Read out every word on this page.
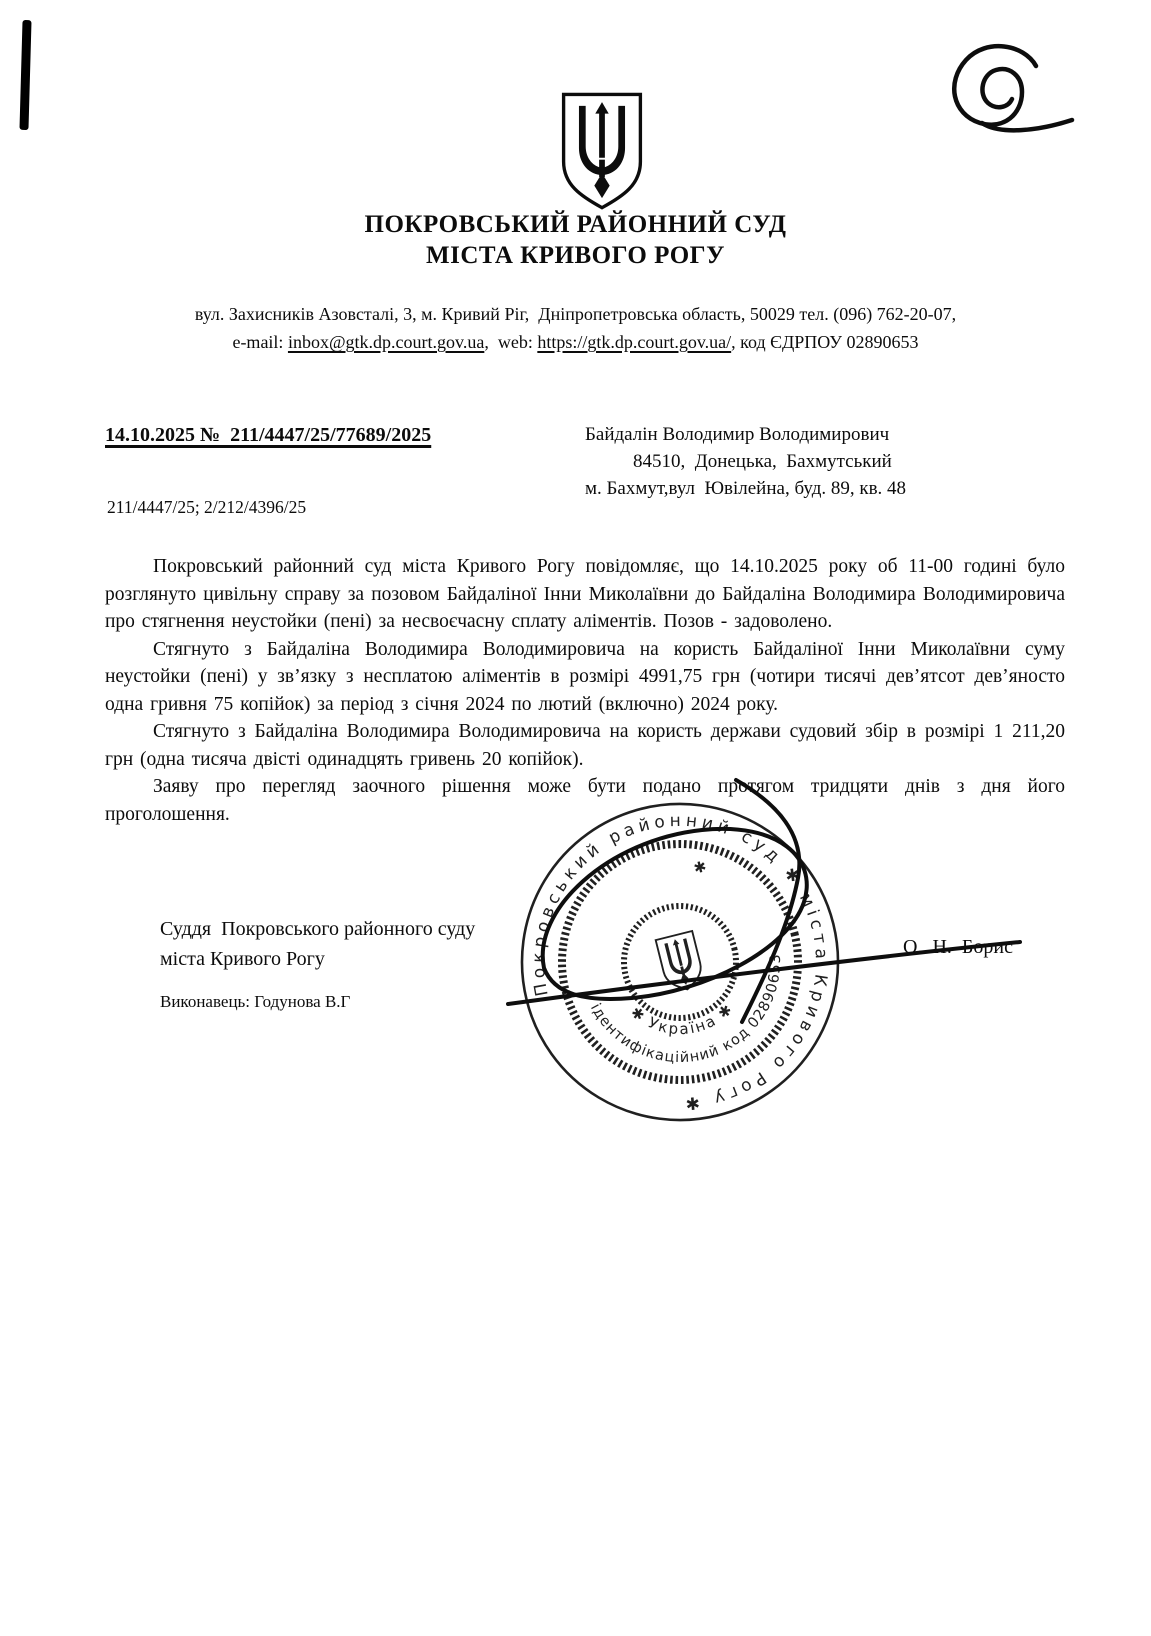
ПОКРОВСЬКИЙ РАЙОННИЙ СУД
МІСТА КРИВОГО РОГУ
вул. Захисників Азовсталі, 3, м. Кривий Ріг,  Дніпропетровська область, 50029 тел. (096) 762-20-07,
e-mail: inbox@gtk.dp.court.gov.ua,  web: https://gtk.dp.court.gov.ua/, код ЄДРПОУ 02890653
14.10.2025 №  211/4447/25/77689/2025	Байдалін Володимир Володимирович
84510,  Донецька,  Бахмутський
м. Бахмут,вул  Ювілейна, буд. 89, кв. 48
211/4447/25; 2/212/4396/25

Покровський районний суд міста Кривого Рогу повідомляє, що 14.10.2025 року об 11-00 годині було розглянуто цивільну справу за позовом Байдаліної Інни Миколаївни до Байдаліна Володимира Володимировича про стягнення неустойки (пені) за несвоєчасну сплату аліментів. Позов - задоволено.

Стягнуто з Байдаліна Володимира Володимировича на користь Байдаліної Інни Миколаївни суму неустойки (пені) у зв’язку з несплатою аліментів в розмірі 4991,75 грн (чотири тисячі дев’ятсот дев’яносто одна гривня 75 копійок) за період з січня 2024 по лютий (включно) 2024 року.

Стягнуто з Байдаліна Володимира Володимировича на користь держави судовий збір в розмірі 1 211,20 грн (одна тисяча двісті одинадцять гривень 20 копійок).

Заяву про перегляд заочного рішення може бути подано протягом тридцяти днів з дня його проголошення.

Суддя  Покровського районного суду
міста Кривого Рогу
О.  Н.  Борис
Виконавець: Годунова В.Г
Покровський районний суд ✱ міста Кривого Рогу ✱
ідентифікаційний код 02890653
✱ Україна ✱
✱
